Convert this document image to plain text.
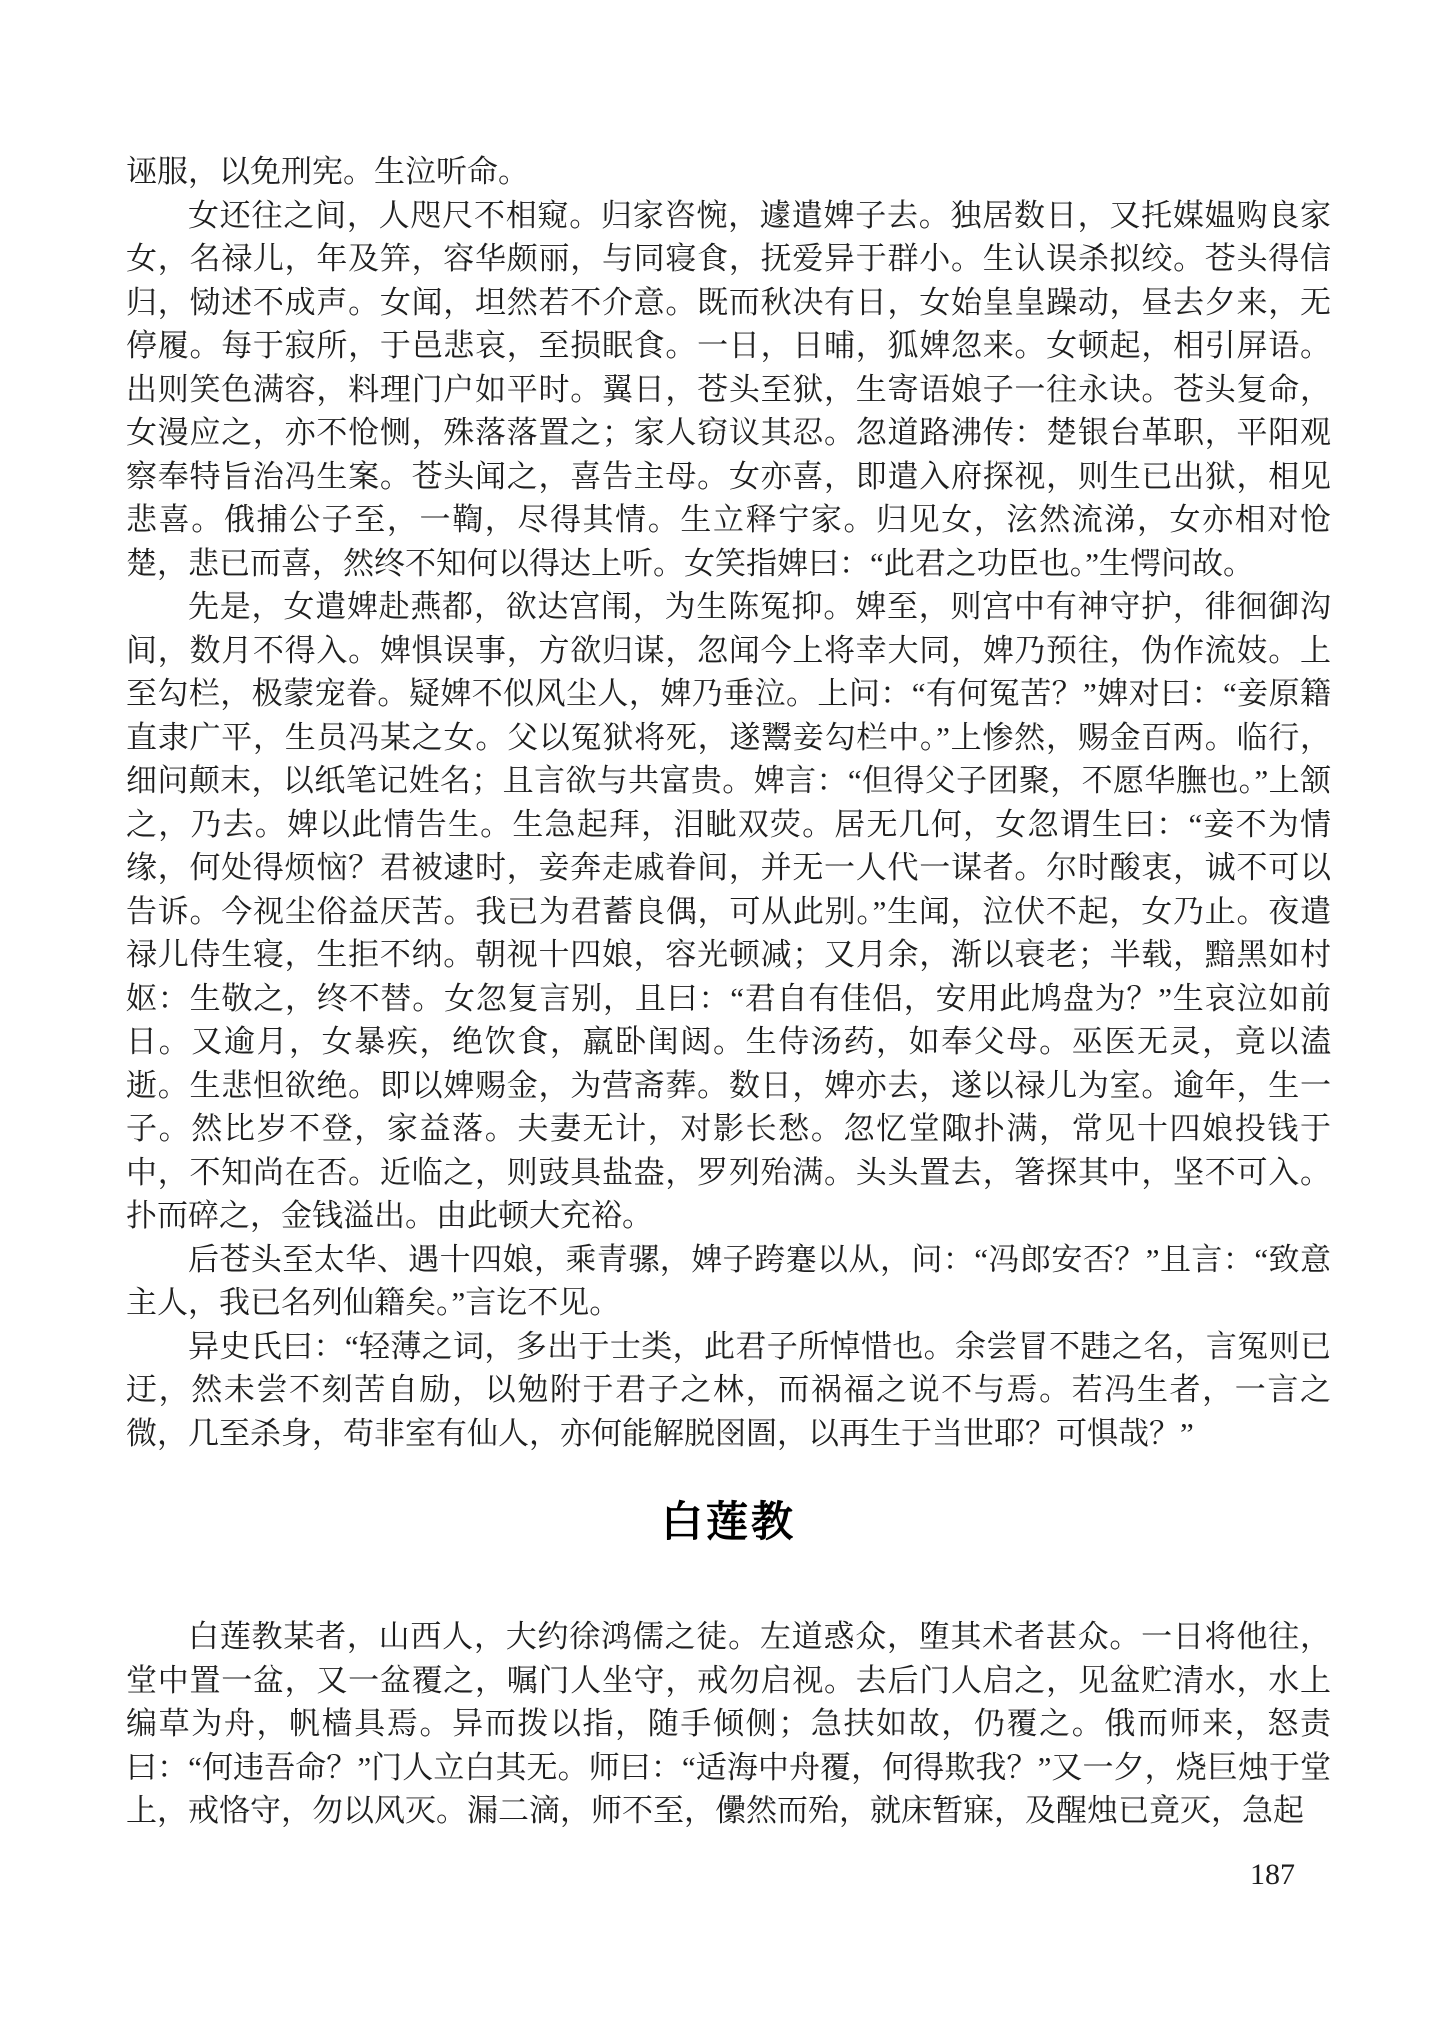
诬服，以免刑宪。生泣听命。

女还往之间，人咫尺不相窥。归家咨惋，遽遣婢子去。独居数日，又托媒媪购良家女，名禄儿，年及笄，容华颇丽，与同寝食，抚爱异于群小。生认误杀拟绞。苍头得信归，恸述不成声。女闻，坦然若不介意。既而秋决有日，女始皇皇躁动，昼去夕来，无停履。每于寂所，于邑悲哀，至损眠食。一日，日晡，狐婢忽来。女顿起，相引屏语。出则笑色满容，料理门户如平时。翼日，苍头至狱，生寄语娘子一往永诀。苍头复命，女漫应之，亦不怆恻，殊落落置之；家人窃议其忍。忽道路沸传：楚银台革职，平阳观察奉特旨治冯生案。苍头闻之，喜告主母。女亦喜，即遣入府探视，则生已出狱，相见悲喜。俄捕公子至，一鞫，尽得其情。生立释宁家。归见女，泫然流涕，女亦相对怆楚，悲已而喜，然终不知何以得达上听。女笑指婢曰：“此君之功臣也。”生愕问故。

先是，女遣婢赴燕都，欲达宫闱，为生陈冤抑。婢至，则宫中有神守护，徘徊御沟间，数月不得入。婢惧误事，方欲归谋，忽闻今上将幸大同，婢乃预往，伪作流妓。上至勾栏，极蒙宠眷。疑婢不似风尘人，婢乃垂泣。上问：“有何冤苦？”婢对曰：“妾原籍直隶广平，生员冯某之女。父以冤狱将死，遂鬻妾勾栏中。”上惨然，赐金百两。临行，细问颠末，以纸笔记姓名；且言欲与共富贵。婢言：“但得父子团聚，不愿华膴也。”上颔之，乃去。婢以此情告生。生急起拜，泪眦双荧。居无几何，女忽谓生曰：“妾不为情缘，何处得烦恼？君被逮时，妾奔走戚眷间，并无一人代一谋者。尔时酸衷，诚不可以告诉。今视尘俗益厌苦。我已为君蓄良偶，可从此别。”生闻，泣伏不起，女乃止。夜遣禄儿侍生寝，生拒不纳。朝视十四娘，容光顿减；又月余，渐以衰老；半载，黯黑如村妪：生敬之，终不替。女忽复言别，且曰：“君自有佳侣，安用此鸠盘为？”生哀泣如前日。又逾月，女暴疾，绝饮食，羸卧闺闼。生侍汤药，如奉父母。巫医无灵，竟以溘逝。生悲怛欲绝。即以婢赐金，为营斋葬。数日，婢亦去，遂以禄儿为室。逾年，生一子。然比岁不登，家益落。夫妻无计，对影长愁。忽忆堂陬扑满，常见十四娘投钱于中，不知尚在否。近临之，则豉具盐盎，罗列殆满。头头置去，箸探其中，坚不可入。扑而碎之，金钱溢出。由此顿大充裕。

后苍头至太华、遇十四娘，乘青骡，婢子跨蹇以从，问：“冯郎安否？”且言：“致意主人，我已名列仙籍矣。”言讫不见。

异史氏曰：“轻薄之词，多出于士类，此君子所悼惜也。余尝冒不韪之名，言冤则已迂，然未尝不刻苦自励，以勉附于君子之林，而祸福之说不与焉。若冯生者，一言之微，几至杀身，苟非室有仙人，亦何能解脱囹圄，以再生于当世耶？可惧哉？”

白莲教

白莲教某者，山西人，大约徐鸿儒之徒。左道惑众，堕其术者甚众。一日将他往，堂中置一盆，又一盆覆之，嘱门人坐守，戒勿启视。去后门人启之，见盆贮清水，水上编草为舟，帆樯具焉。异而拨以指，随手倾侧；急扶如故，仍覆之。俄而师来，怒责曰：“何违吾命？”门人立白其无。师曰：“适海中舟覆，何得欺我？”又一夕，烧巨烛于堂上，戒恪守，勿以风灭。漏二滴，师不至，儽然而殆，就床暂寐，及醒烛已竟灭，急起

187
